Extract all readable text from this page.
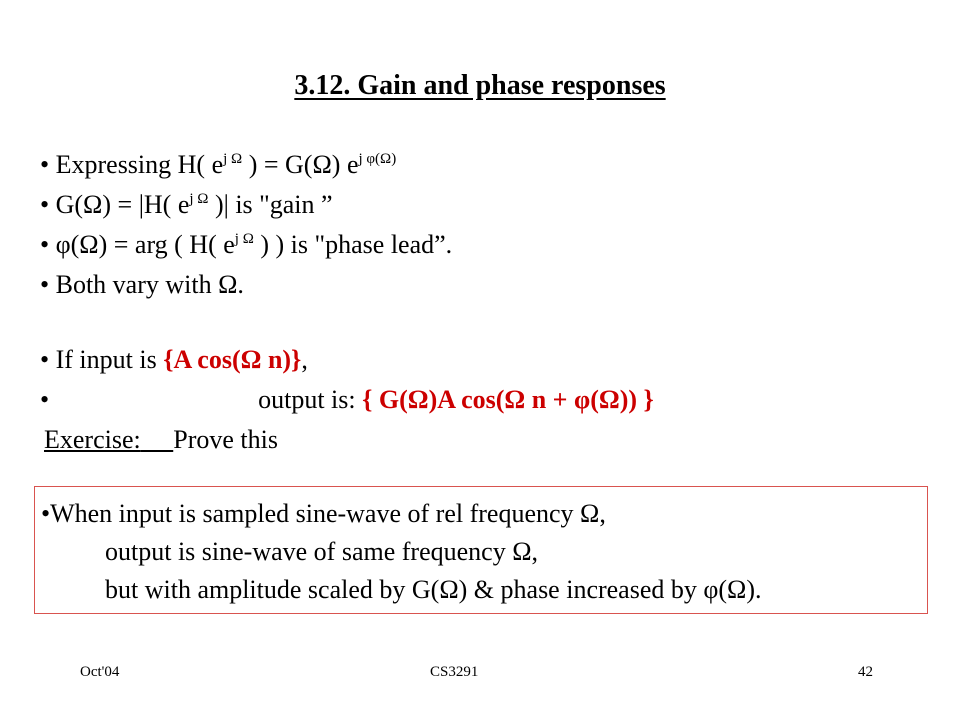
3.12. Gain and phase responses
• Expressing H( $e^{j \Omega}$ ) = G(Ω) $e^{j \varphi(\Omega)}$
• G(Ω) = |H( $e^{j \Omega}$ )| is "gain ”
• φ(Ω) = arg ( H( $e^{j \Omega}$ ) ) is "phase lead”.
• Both vary with Ω.
• If input is {A cos(Ω n)},
•	output is: { G(Ω)A cos(Ω n + φ(Ω)) }
Exercise: Prove this
•When input is sampled sine-wave of rel frequency Ω,
output is sine-wave of same frequency Ω,
but with amplitude scaled by G(Ω) & phase increased by φ(Ω).
Oct'04	CS3291	42
